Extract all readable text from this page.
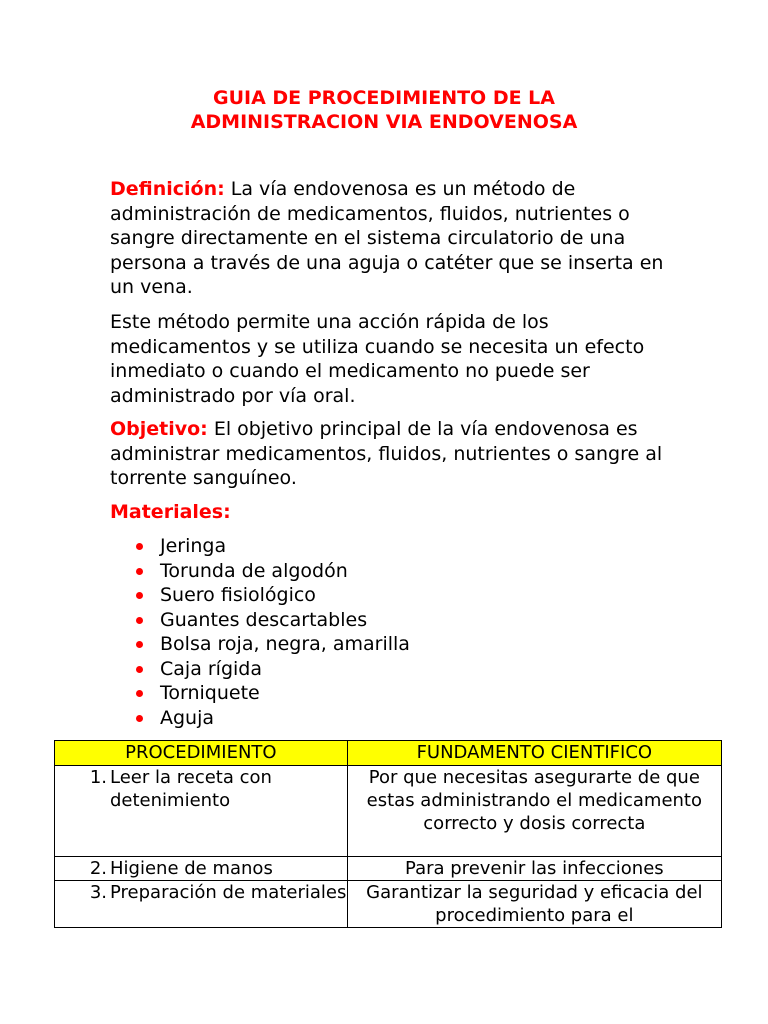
GUIA DE PROCEDIMIENTO DE LA
ADMINISTRACION VIA ENDOVENOSA

Definición: La vía endovenosa es un método de administración de medicamentos, fluidos, nutrientes o sangre directamente en el sistema circulatorio de una persona a través de una aguja o catéter que se inserta en un vena.

Este método permite una acción rápida de los medicamentos y se utiliza cuando se necesita un efecto inmediato o cuando el medicamento no puede ser administrado por vía oral.

Objetivo: El objetivo principal de la vía endovenosa es administrar medicamentos, fluidos, nutrientes o sangre al torrente sanguíneo.

Materiales:
Jeringa
Torunda de algodón
Suero fisiológico
Guantes descartables
Bolsa roja, negra, amarilla
Caja rígida
Torniquete
Aguja
PROCEDIMIENTO	FUNDAMENTO CIENTIFICO

1. Leer la receta con detenimiento	Por que necesitas asegurarte de que estas administrando el medicamento correcto y dosis correcta

2. Higiene de manos	Para prevenir las infecciones

3. Preparación de materiales	Garantizar la seguridad y eficacia del procedimiento para el
